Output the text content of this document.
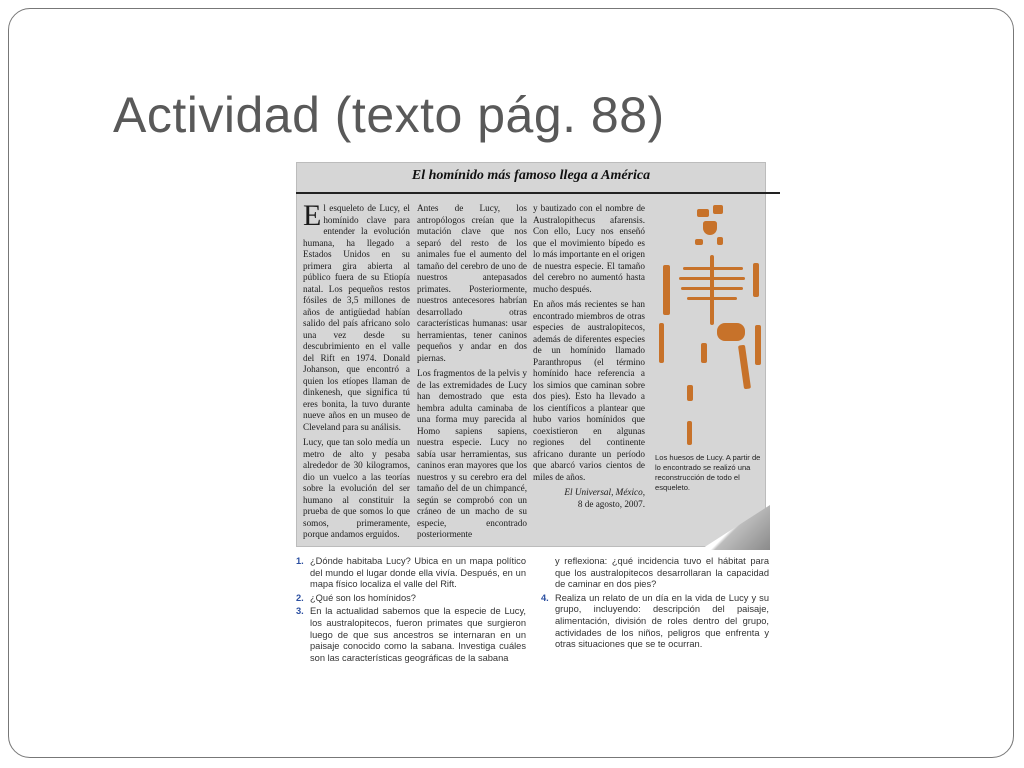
Actividad (texto pág. 88)

El esqueleto de Lucy, el homínido clave para entender la evolución humana, ha llegado a Estados Unidos en su primera gira abierta al público fuera de su Etiopía natal. Los pequeños restos fósiles de 3,5 millones de años de antigüedad habían salido del país africano solo una vez desde su descubrimiento en el valle del Rift en 1974. Donald Johanson, que encontró a quien los etíopes llaman de dinkenesh, que significa tú eres bonita, la tuvo durante nueve años en un museo de Cleveland para su análisis.

Lucy, que tan solo medía un metro de alto y pesaba alrededor de 30 kilogramos, dio un vuelco a las teorías sobre la evolución del ser humano al constituir la prueba de que somos lo que somos, primeramente, porque andamos erguidos.

Antes de Lucy, los antropólogos creían que la mutación clave que nos separó del resto de los animales fue el aumento del tamaño del cerebro de uno de nuestros antepasados primates. Posteriormente, nuestros antecesores habrían desarrollado otras características humanas: usar herramientas, tener caninos pequeños y andar en dos piernas.

Los fragmentos de la pelvis y de las extremidades de Lucy han demostrado que esta hembra adulta caminaba de una forma muy parecida al Homo sapiens sapiens, nuestra especie. Lucy no sabía usar herramientas, sus caninos eran mayores que los nuestros y su cerebro era del tamaño del de un chimpancé, según se comprobó con un cráneo de un macho de su especie, encontrado posteriormente

y bautizado con el nombre de Australopithecus afarensis. Con ello, Lucy nos enseñó que el movimiento bípedo es lo más importante en el origen de nuestra especie. El tamaño del cerebro no aumentó hasta mucho después.

En años más recientes se han encontrado miembros de otras especies de australopitecos, además de diferentes especies de un homínido llamado Paranthropus (el término homínido hace referencia a los simios que caminan sobre dos pies). Esto ha llevado a los científicos a plantear que hubo varios homínidos que coexistieron en algunas regiones del continente africano durante un período que abarcó varios cientos de miles de años.

El Universal, México,

8 de agosto, 2007.

Los huesos de Lucy. A partir de lo encontrado se realizó una reconstrucción de todo el esqueleto.
El homínido más famoso llega a América
1. ¿Dónde habitaba Lucy? Ubica en un mapa político del mundo el lugar donde ella vivía. Después, en un mapa físico localiza el valle del Rift.
2. ¿Qué son los homínidos?
3. En la actualidad sabemos que la especie de Lucy, los australopitecos, fueron primates que surgieron luego de que sus ancestros se internaran en un paisaje conocido como la sabana. Investiga cuáles son las características geográficas de la sabana
y reflexiona: ¿qué incidencia tuvo el hábitat para que los australopitecos desarrollaran la capacidad de caminar en dos pies?
4. Realiza un relato de un día en la vida de Lucy y su grupo, incluyendo: descripción del paisaje, alimentación, división de roles dentro del grupo, actividades de los niños, peligros que enfrenta y otras situaciones que se te ocurran.
